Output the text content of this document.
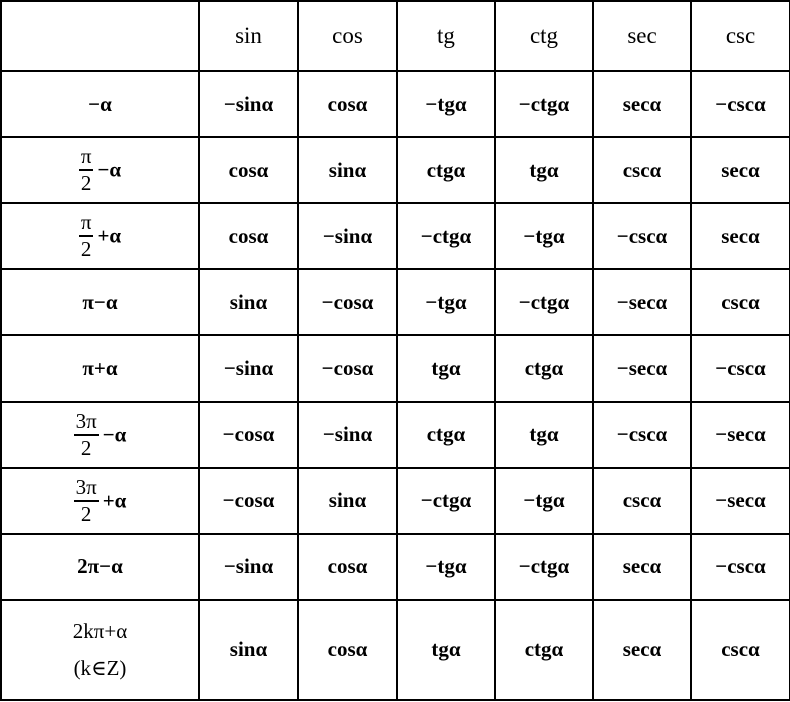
	sin	cos	tg	ctg	sec	csc
−α	−sinα	cosα	−tgα	−ctgα	secα	−cscα

$\frac{\pi}{2} -\alpha$	cosα	sinα	ctgα	tgα	cscα	secα

$\frac{\pi}{2} +\alpha$	cosα	−sinα	−ctgα	−tgα	−cscα	secα
π−α	sinα	−cosα	−tgα	−ctgα	−secα	cscα
π+α	−sinα	−cosα	tgα	ctgα	−secα	−cscα

$\frac{3\pi}{2} -\alpha$	−cosα	−sinα	ctgα	tgα	−cscα	−secα

$\frac{3\pi}{2} +\alpha$	−cosα	sinα	−ctgα	−tgα	cscα	−secα
2π−α	−sinα	cosα	−tgα	−ctgα	secα	−cscα

2kπ+α
(k∈Z)	sinα	cosα	tgα	ctgα	secα	cscα
